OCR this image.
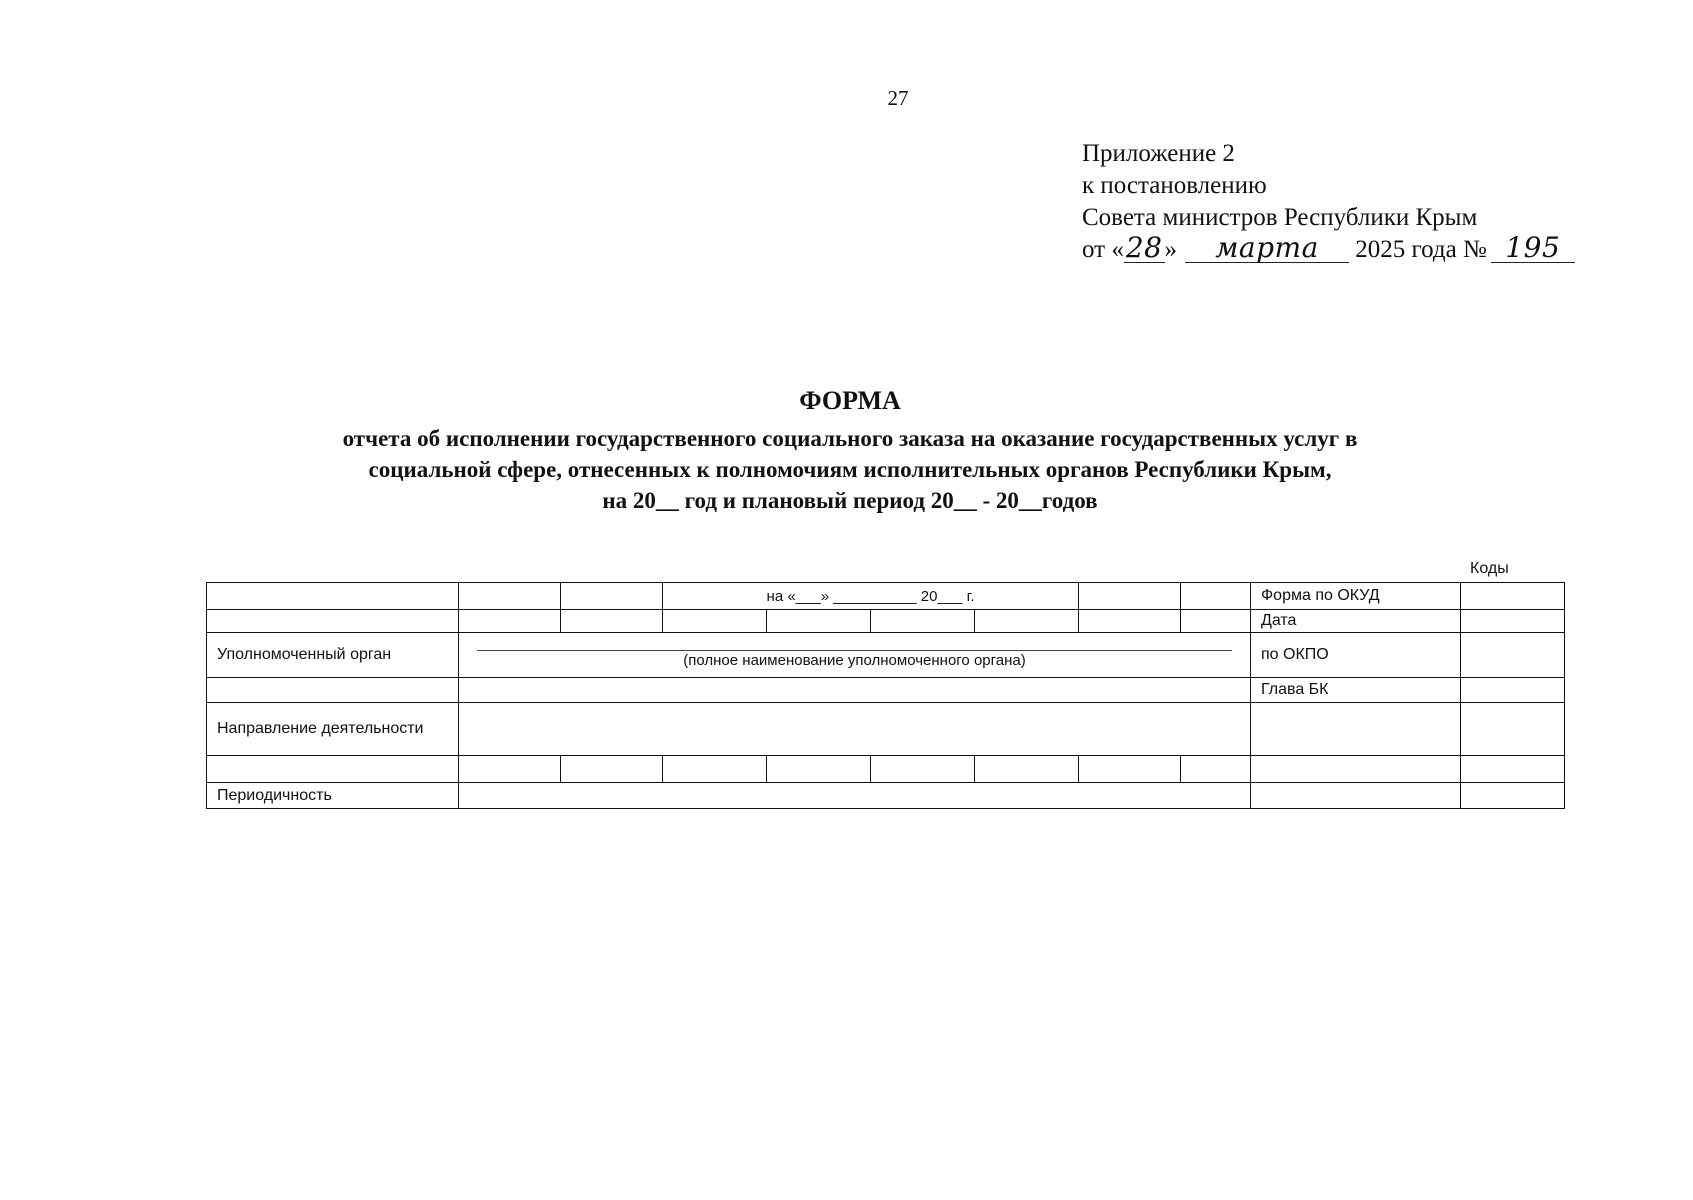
27
Приложение 2
к постановлению
Совета министров Республики Крым
от «28» марта 2025 года № 195
ФОРМА
отчета об исполнении государственного социального заказа на оказание государственных услуг в
социальной сфере, отнесенных к полномочиям исполнительных органов Республики Крым,
на 20__ год и плановый период 20__ - 20__годов
Коды
			на «___» __________ 20___ г.						Форма по ОКУД	
									Дата	
Уполномоченный орган	(полное наименование уполномоченного органа)								по ОКПО	
									Глава БК	
Направление деятельности										

Периодичность										
